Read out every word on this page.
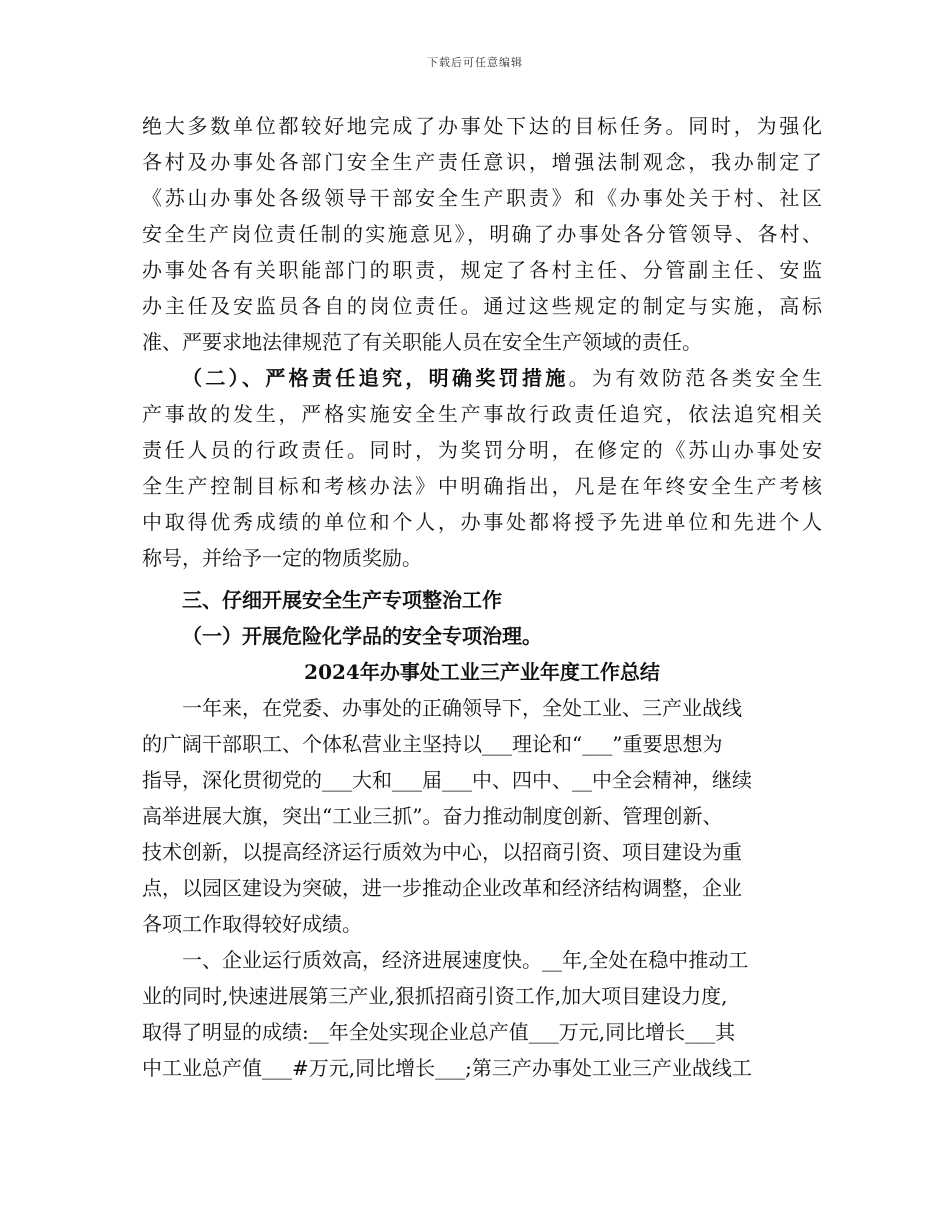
下载后可任意编辑
绝大多数单位都较好地完成了办事处下达的目标任务。同时，为强化
各村及办事处各部门安全生产责任意识，增强法制观念，我办制定了
《苏山办事处各级领导干部安全生产职责》和《办事处关于村、社区
安全生产岗位责任制的实施意见》，明确了办事处各分管领导、各村、
办事处各有关职能部门的职责，规定了各村主任、分管副主任、安监
办主任及安监员各自的岗位责任。通过这些规定的制定与实施，高标
准、严要求地法律规范了有关职能人员在安全生产领域的责任。
（二）、严格责任追究，明确奖罚措施。为有效防范各类安全生
产事故的发生，严格实施安全生产事故行政责任追究，依法追究相关
责任人员的行政责任。同时，为奖罚分明，在修定的《苏山办事处安
全生产控制目标和考核办法》中明确指出，凡是在年终安全生产考核
中取得优秀成绩的单位和个人，办事处都将授予先进单位和先进个人
称号，并给予一定的物质奖励。
三、仔细开展安全生产专项整治工作
（一）开展危险化学品的安全专项治理。
2024年办事处工业三产业年度工作总结
一年来，在党委、办事处的正确领导下，全处工业、三产业战线
的广阔干部职工、个体私营业主坚持以___理论和“___”重要思想为
指导，深化贯彻党的___大和___届___中、四中、__中全会精神，继续
高举进展大旗，突出“工业三抓”。奋力推动制度创新、管理创新、
技术创新，以提高经济运行质效为中心，以招商引资、项目建设为重
点，以园区建设为突破，进一步推动企业改革和经济结构调整，企业
各项工作取得较好成绩。
一、企业运行质效高，经济进展速度快。__年,全处在稳中推动工
业的同时,快速进展第三产业,狠抓招商引资工作,加大项目建设力度,
取得了明显的成绩:__年全处实现企业总产值___万元,同比增长___其
中工业总产值___#万元,同比增长___;第三产办事处工业三产业战线工
